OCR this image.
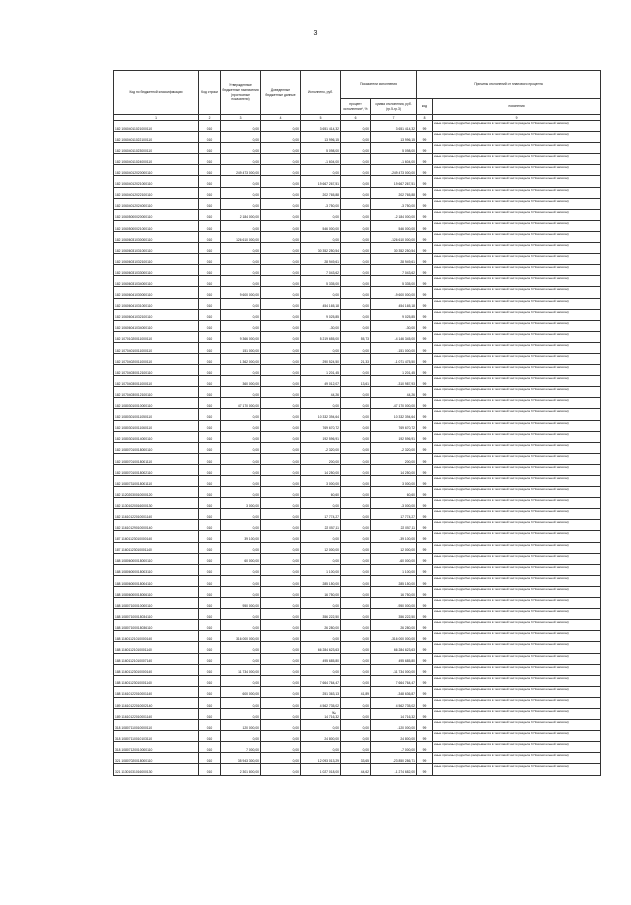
3
Код по бюджетной классификации	Код строки	Утвержденные бюджетные назначения (прогнозные показатели)	Доведенные бюджетные данные	Исполнено, руб.	Показатели исполнения		Причины отклонений от планового процента	
					процент исполнения*, %	сумма отклонения, руб. (гр.5-гр.3)	код	пояснения
1	2	3	4	5	6	7	8	9
182 10604011021000110	010	0,00	0,00	3 651 414,32	0,00	3 651 414,32	99	иные причины (подробно раскрывается в текстовой части раздела 3 Пояснительной записки)
182 10604011022100110	010	0,00	0,00	13 996,15	0,00	13 996,15	99	иные причины (подробно раскрывается в текстовой части раздела 3 Пояснительной записки)
182 10604011023000110	010	0,00	0,00	5 098,00	0,00	5 098,00	99	иные причины (подробно раскрывается в текстовой части раздела 3 Пояснительной записки)
182 10604011024000110	010	0,00	0,00	-1 604,00	0,00	-1 604,00	99	иные причины (подробно раскрывается в текстовой части раздела 3 Пояснительной записки)
182 10604012020000110	010	249 473 000,00	0,00	0,00	0,00	-249 473 000,00	99	иные причины (подробно раскрывается в текстовой части раздела 3 Пояснительной записки)
182 10604012021000110	010	0,00	0,00	19 667 267,51	0,00	19 667 267,51	99	иные причины (подробно раскрывается в текстовой части раздела 3 Пояснительной записки)
182 10604012022100110	010	0,00	0,00	202 765,88	0,00	202 765,88	99	иные причины (подробно раскрывается в текстовой части раздела 3 Пояснительной записки)
182 10604012024000110	010	0,00	0,00	-3 750,00	0,00	-3 750,00	99	иные причины (подробно раскрывается в текстовой части раздела 3 Пояснительной записки)
182 10605000020000110	010	2 184 000,00	0,00	0,00	0,00	-2 184 000,00	99	иные причины (подробно раскрывается в текстовой части раздела 3 Пояснительной записки)
182 10605000021000110	010	0,00	0,00	546 000,00	0,00	546 000,00	99	иные причины (подробно раскрывается в текстовой части раздела 3 Пояснительной записки)
182 10606031030000110	010	126 610 000,00	0,00	0,00	0,00	-126 610 000,00	99	иные причины (подробно раскрывается в текстовой части раздела 3 Пояснительной записки)
182 10606031031000110	010	0,00	0,00	30 352 250,54	0,00	30 352 250,54	99	иные причины (подробно раскрывается в текстовой части раздела 3 Пояснительной записки)
182 10606031032100110	010	0,00	0,00	28 949,61	0,00	28 949,61	99	иные причины (подробно раскрывается в текстовой части раздела 3 Пояснительной записки)
182 10606031033000110	010	0,00	0,00	7 043,62	0,00	7 043,62	99	иные причины (подробно раскрывается в текстовой части раздела 3 Пояснительной записки)
182 10606031034000110	010	0,00	0,00	5 335,00	0,00	5 335,00	99	иные причины (подробно раскрывается в текстовой части раздела 3 Пояснительной записки)
182 10606041030000110	010	9 600 000,00	0,00	0,00	0,00	-9 600 000,00	99	иные причины (подробно раскрывается в текстовой части раздела 3 Пояснительной записки)
182 10606041031000110	010	0,00	0,00	454 165,18	0,00	454 165,18	99	иные причины (подробно раскрывается в текстовой части раздела 3 Пояснительной записки)
182 10606041032100110	010	0,00	0,00	9 025,85	0,00	9 025,85	99	иные причины (подробно раскрывается в текстовой части раздела 3 Пояснительной записки)
182 10606041034000110	010	0,00	0,00	-30,00	0,00	-30,00	99	иные причины (подробно раскрывается в текстовой части раздела 3 Пояснительной записки)
182 10701020011000110	010	9 366 000,00	0,00	5 219 655,00	55,73	-4 146 345,00	99	иные причины (подробно раскрывается в текстовой части раздела 3 Пояснительной записки)
182 10704010011000110	010	151 000,00	0,00	0,00	0,00	-151 000,00	99	иные причины (подробно раскрывается в текстовой части раздела 3 Пояснительной записки)
182 10704020011000110	010	1 362 000,00	0,00	290 524,50	21,33	-1 071 475,50	99	иные причины (подробно раскрывается в текстовой части раздела 3 Пояснительной записки)
182 10704030012100110	010	0,00	0,00	1 201,45	0,00	1 201,45	99	иные причины (подробно раскрывается в текстовой части раздела 3 Пояснительной записки)
182 10704030011000110	010	360 000,00	0,00	49 012,07	13,61	-310 987,93	99	иные причины (подробно раскрывается в текстовой части раздела 3 Пояснительной записки)
182 10704030012100110	010	0,00	0,00	44,26	0,00	44,26	99	иные причины (подробно раскрывается в текстовой части раздела 3 Пояснительной записки)
182 10803010010000110	010	47 170 000,00	0,00	0,00	0,00	-47 170 000,00	99	иные причины (подробно раскрывается в текстовой части раздела 3 Пояснительной записки)
182 10803010011050110	010	0,00	0,00	10 332 394,64	0,00	10 332 394,64	99	иные причины (подробно раскрывается в текстовой части раздела 3 Пояснительной записки)
182 10803010011060110	010	0,00	0,00	769 670,72	0,00	769 670,72	99	иные причины (подробно раскрывается в текстовой части раздела 3 Пояснительной записки)
182 10803010014000110	010	0,00	0,00	192 596,91	0,00	192 596,91	99	иные причины (подробно раскрывается в текстовой части раздела 3 Пояснительной записки)
182 10807010018000110	010	0,00	0,00	-2 320,00	0,00	-2 320,00	99	иные причины (подробно раскрывается в текстовой части раздела 3 Пояснительной записки)
182 10807010018001110	010	0,00	0,00	200,00	0,00	200,00	99	иные причины (подробно раскрывается в текстовой части раздела 3 Пояснительной записки)
182 10807010018002110	010	0,00	0,00	14 250,00	0,00	14 250,00	99	иные причины (подробно раскрывается в текстовой части раздела 3 Пояснительной записки)
182 10807310018001110	010	0,00	0,00	3 000,00	0,00	3 000,00	99	иные причины (подробно раскрывается в текстовой части раздела 3 Пояснительной записки)
182 11202030010000120	010	0,00	0,00	60,60	0,00	60,60	99	иные причины (подробно раскрывается в текстовой части раздела 3 Пояснительной записки)
182 11301020016000130	010	3 000,00	0,00	0,00	0,00	-3 000,00	99	иные причины (подробно раскрывается в текстовой части раздела 3 Пояснительной записки)
182 11610122010001140	010	0,00	0,00	17 774,27	0,00	17 774,27	99	иные причины (подробно раскрывается в текстовой части раздела 3 Пояснительной записки)
182 11610129010000140	010	0,00	0,00	22 057,11	0,00	22 057,11	99	иные причины (подробно раскрывается в текстовой части раздела 3 Пояснительной записки)
187 11601123010000140	010	39 100,00	0,00	0,00	0,00	-39 100,00	99	иные причины (подробно раскрывается в текстовой части раздела 3 Пояснительной записки)
187 11601123010001140	010	0,00	0,00	12 000,00	0,00	12 000,00	99	иные причины (подробно раскрывается в текстовой части раздела 3 Пояснительной записки)
188 10806000018000110	010	60 000,00	0,00	0,00	0,00	-60 000,00	99	иные причины (подробно раскрывается в текстовой части раздела 3 Пояснительной записки)
188 10806000018003110	010	0,00	0,00	1 100,00	0,00	1 100,00	99	иные причины (подробно раскрывается в текстовой части раздела 3 Пояснительной записки)
188 10806000018004110	010	0,00	0,00	285 150,00	0,00	285 150,00	99	иные причины (подробно раскрывается в текстовой части раздела 3 Пояснительной записки)
188 10806000018006110	010	0,00	0,00	16 750,00	0,00	16 750,00	99	иные причины (подробно раскрывается в текстовой части раздела 3 Пояснительной записки)
188 10807100010000110	010	950 000,00	0,00	0,00	0,00	-950 000,00	99	иные причины (подробно раскрывается в текстовой части раздела 3 Пояснительной записки)
188 10807100018034110	010	0,00	0,00	356 222,50	0,00	356 222,50	99	иные причины (подробно раскрывается в текстовой части раздела 3 Пояснительной записки)
188 10807100018036110	010	0,00	0,00	26 280,00	0,00	26 280,00	99	иные причины (подробно раскрывается в текстовой части раздела 3 Пояснительной записки)
188 11601121010000140	010	316 000 000,00	0,00	0,00	0,00	-316 000 000,00	99	иные причины (подробно раскрывается в текстовой части раздела 3 Пояснительной записки)
188 11601121010001140	010	0,00	0,00	66 284 623,63	0,00	66 284 623,63	99	иные причины (подробно раскрывается в текстовой части раздела 3 Пояснительной записки)
188 11601121010007140	010	0,00	0,00	495 685,80	0,00	495 685,80	99	иные причины (подробно раскрывается в текстовой части раздела 3 Пояснительной записки)
188 11601123010000140	010	11 734 000,00	0,00	0,00	0,00	-11 734 000,00	99	иные причины (подробно раскрывается в текстовой части раздела 3 Пояснительной записки)
188 11601123010001140	010	0,00	0,00	7 664 764,47	0,00	7 664 764,47	99	иные причины (подробно раскрывается в текстовой части раздела 3 Пояснительной записки)
188 11610122010001140	010	600 000,00	0,00	251 363,13	41,89	-348 636,87	99	иные причины (подробно раскрывается в текстовой части раздела 3 Пояснительной записки)
189 11610122010002140	010	0,00	0,00	4 562 735,02	0,00	4 562 735,02	99	иные причины (подробно раскрывается в текстовой части раздела 3 Пояснительной записки)
189 11610122010001140	010	0,00	0,00	14 716,32	0,00	14 716,32	99	иные причины (подробно раскрывается в текстовой части раздела 3 Пояснительной записки)
318 10807110010000110	010	120 000,00	0,00	0,00	0,00	-120 000,00	99	иные причины (подробно раскрывается в текстовой части раздела 3 Пояснительной записки)
318 10807110010103110	010	0,00	0,00	24 800,00	0,00	24 800,00	99	иные причины (подробно раскрывается в текстовой части раздела 3 Пояснительной записки)
318 10807120010000110	010	7 000,00	0,00	0,00	0,00	-7 000,00	99	иные причины (подробно раскрывается в текстовой части раздела 3 Пояснительной записки)
321 10807020018000110	010	35 943 300,00	0,00	12 093 013,29	33,65	-23 850 286,71	99	иные причины (подробно раскрывается в текстовой части раздела 3 Пояснительной записки)
321 11301031016000130	010	2 301 800,00	0,00	1 027 018,00	44,62	-1 274 682,00	99	иные причины (подробно раскрывается в текстовой части раздела 3 Пояснительной записки)
‰
